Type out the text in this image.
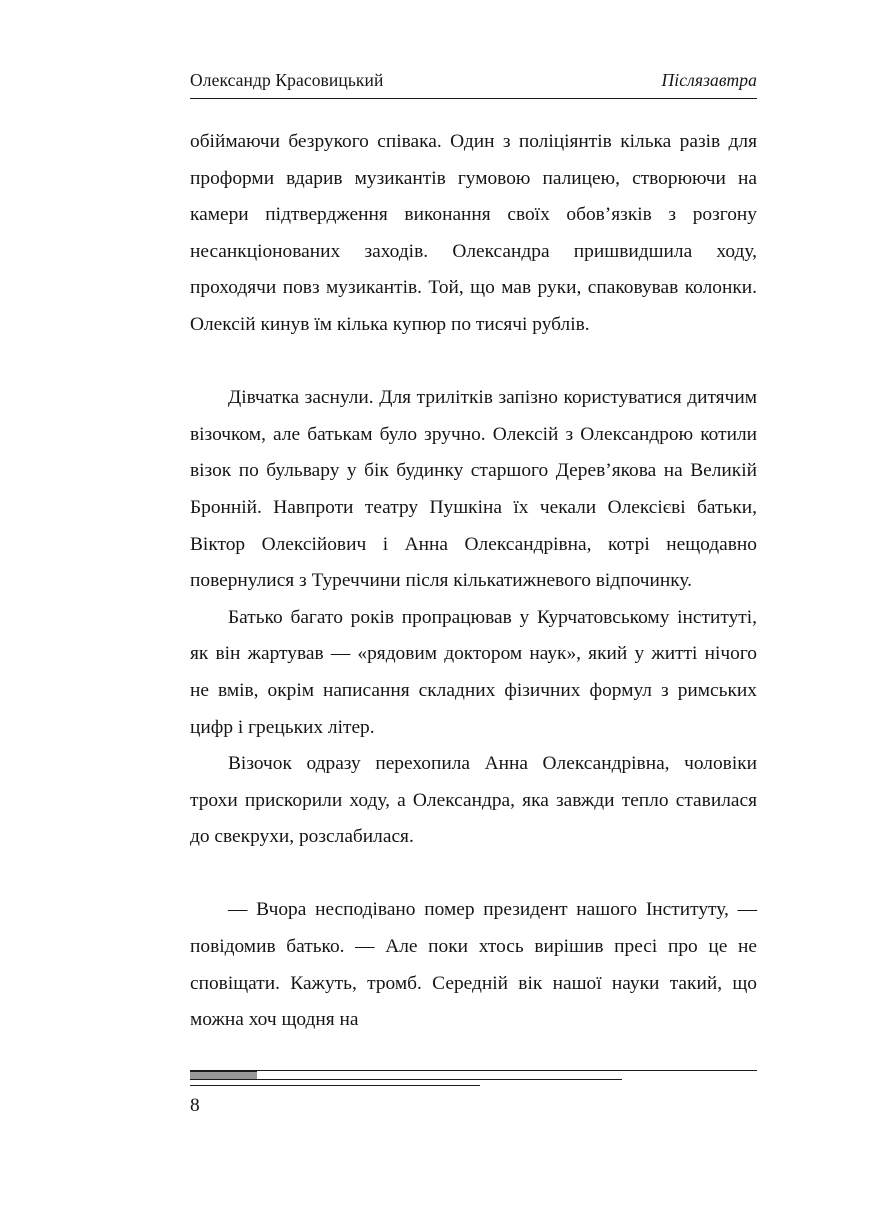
Олександр Красовицький	Післязавтра

обіймаючи безрукого співака. Один з поліціянтів кілька разів для проформи вдарив музикантів гумовою палицею, створюючи на камери підтвердження виконання своїх обов’язків з розгону несанкціонованих заходів. Олександра пришвидшила ходу, проходячи повз музикантів. Той, що мав руки, спаковував колонки. Олексій кинув їм кілька купюр по тисячі рублів.

Дівчатка заснули. Для трилітків запізно користуватися дитячим візочком, але батькам було зручно. Олексій з Олександрою котили візок по бульвару у бік будинку старшого Дерев’якова на Великій Бронній. Навпроти театру Пушкіна їх чекали Олексієві батьки, Віктор Олексійович і Анна Олександрівна, котрі нещодавно повернулися з Туреччини після кількатижневого відпочинку.

Батько багато років пропрацював у Курчатовському інституті, як він жартував — «рядовим доктором наук», який у житті нічого не вмів, окрім написання складних фізичних формул з римських цифр і грецьких літер.

Візочок одразу перехопила Анна Олександрівна, чоловіки трохи прискорили ходу, а Олександра, яка завжди тепло ставилася до свекрухи, розслабилася.

— Вчора несподівано помер президент нашого Інституту, — повідомив батько. — Але поки хтось вирішив пресі про це не сповіщати. Кажуть, тромб. Середній вік нашої науки такий, що можна хоч щодня на

8
